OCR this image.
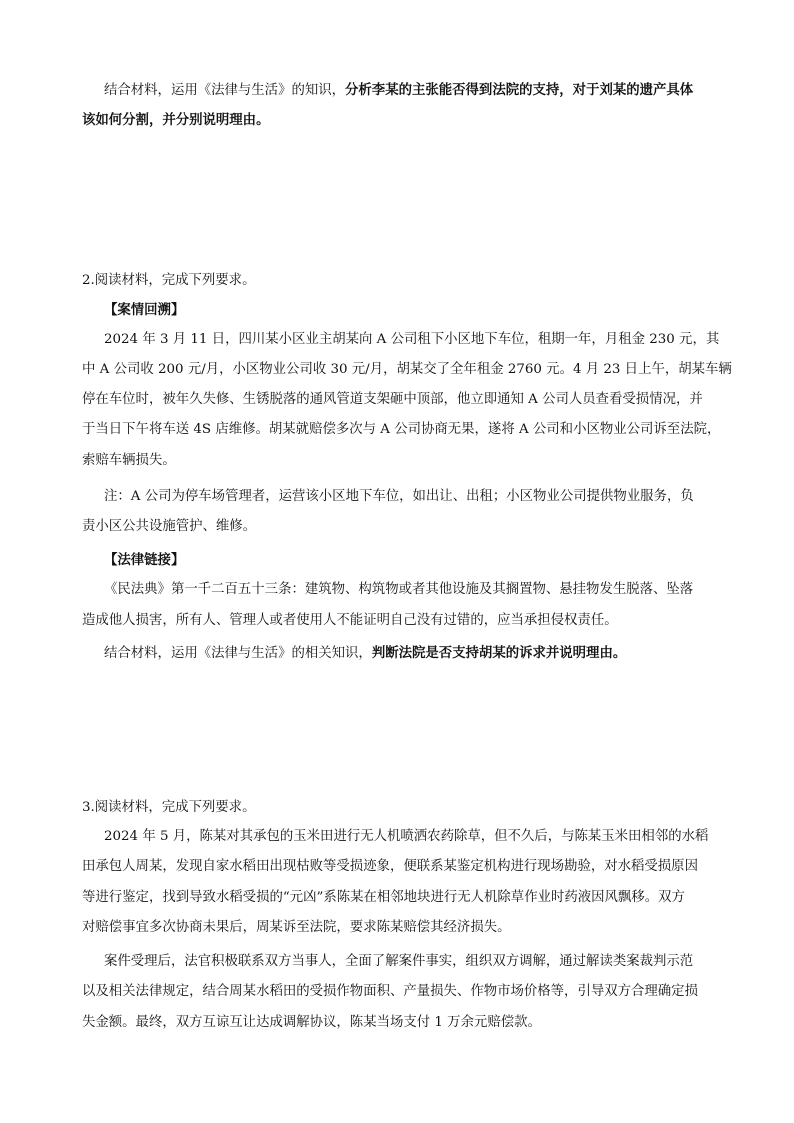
结合材料，运用《法律与生活》的知识，分析李某的主张能否得到法院的支持，对于刘某的遗产具体
该如何分割，并分别说明理由。
2.阅读材料，完成下列要求。
【案情回溯】
2024 年 3 月 11 日，四川某小区业主胡某向 A 公司租下小区地下车位，租期一年，月租金 230 元，其
中 A 公司收 200 元/月，小区物业公司收 30 元/月，胡某交了全年租金 2760 元。4 月 23 日上午，胡某车辆
停在车位时，被年久失修、生锈脱落的通风管道支架砸中顶部，他立即通知 A 公司人员查看受损情况，并
于当日下午将车送 4S 店维修。胡某就赔偿多次与 A 公司协商无果，遂将 A 公司和小区物业公司诉至法院，
索赔车辆损失。
注：A 公司为停车场管理者，运营该小区地下车位，如出让、出租；小区物业公司提供物业服务，负
责小区公共设施管护、维修。
【法律链接】
《民法典》第一千二百五十三条：建筑物、构筑物或者其他设施及其搁置物、悬挂物发生脱落、坠落
造成他人损害，所有人、管理人或者使用人不能证明自己没有过错的，应当承担侵权责任。
结合材料，运用《法律与生活》的相关知识，判断法院是否支持胡某的诉求并说明理由。
3.阅读材料，完成下列要求。
2024 年 5 月，陈某对其承包的玉米田进行无人机喷洒农药除草，但不久后，与陈某玉米田相邻的水稻
田承包人周某，发现自家水稻田出现枯败等受损迹象，便联系某鉴定机构进行现场勘验，对水稻受损原因
等进行鉴定，找到导致水稻受损的“元凶”系陈某在相邻地块进行无人机除草作业时药液因风飘移。双方
对赔偿事宜多次协商未果后，周某诉至法院，要求陈某赔偿其经济损失。
案件受理后，法官积极联系双方当事人，全面了解案件事实，组织双方调解，通过解读类案裁判示范
以及相关法律规定，结合周某水稻田的受损作物面积、产量损失、作物市场价格等，引导双方合理确定损
失金额。最终，双方互谅互让达成调解协议，陈某当场支付 1 万余元赔偿款。
